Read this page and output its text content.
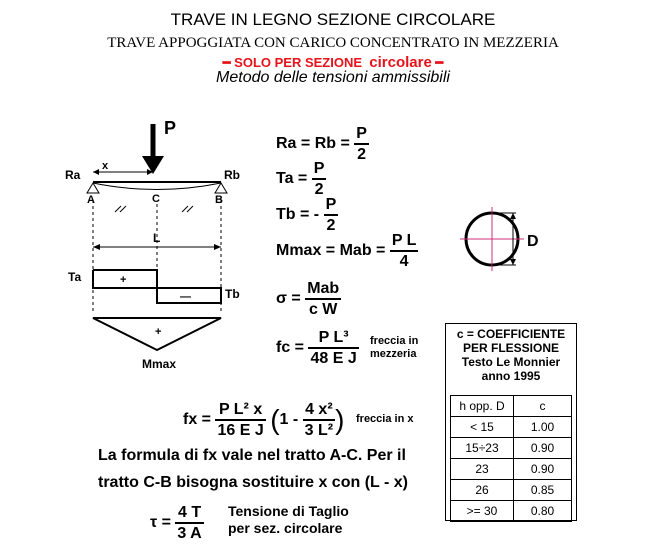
TRAVE IN LEGNO SEZIONE CIRCOLARE
TRAVE APPOGGIATA CON CARICO CONCENTRATO IN MEZZERIA
━ SOLO PER SEZIONE circolare ━
Metodo delle tensioni ammissibili
P
Ra	Rb
x
A	C	B
L
Ta
Tb
+
—
+
Mmax
$Ra = Rb = \frac{P}{2}$
$Ta = \frac{P}{2}$
Tb = - $\frac{P}{2}$
Mmax = Mab = $\frac{\text{P L}}{4}$
$\sigma = \frac{\text{Mab}}{\text{c W}}$
fc = $\frac{\text{P L³}}{\text{48 E J}}$ freccia in
mezzeria
fx = $\frac{\text{P L² x}}{\text{16 E J}} (1 - \frac{\text{4 x²}}{\text{3 L²}}$ ) freccia in x
La formula di fx vale nel tratto A-C. Per il
tratto C-B bisogna sostituire x con (L - x)
$\tau = \frac{4 T}{3 A}$ Tensione di Taglio
per sez. circolare
D
c = COEFFICIENTE
PER FLESSIONE
Testo Le Monnier
anno 1995
h opp. D	c
< 15	1.00
15÷23	0.90
23	0.90
26	0.85
>= 30	0.80
